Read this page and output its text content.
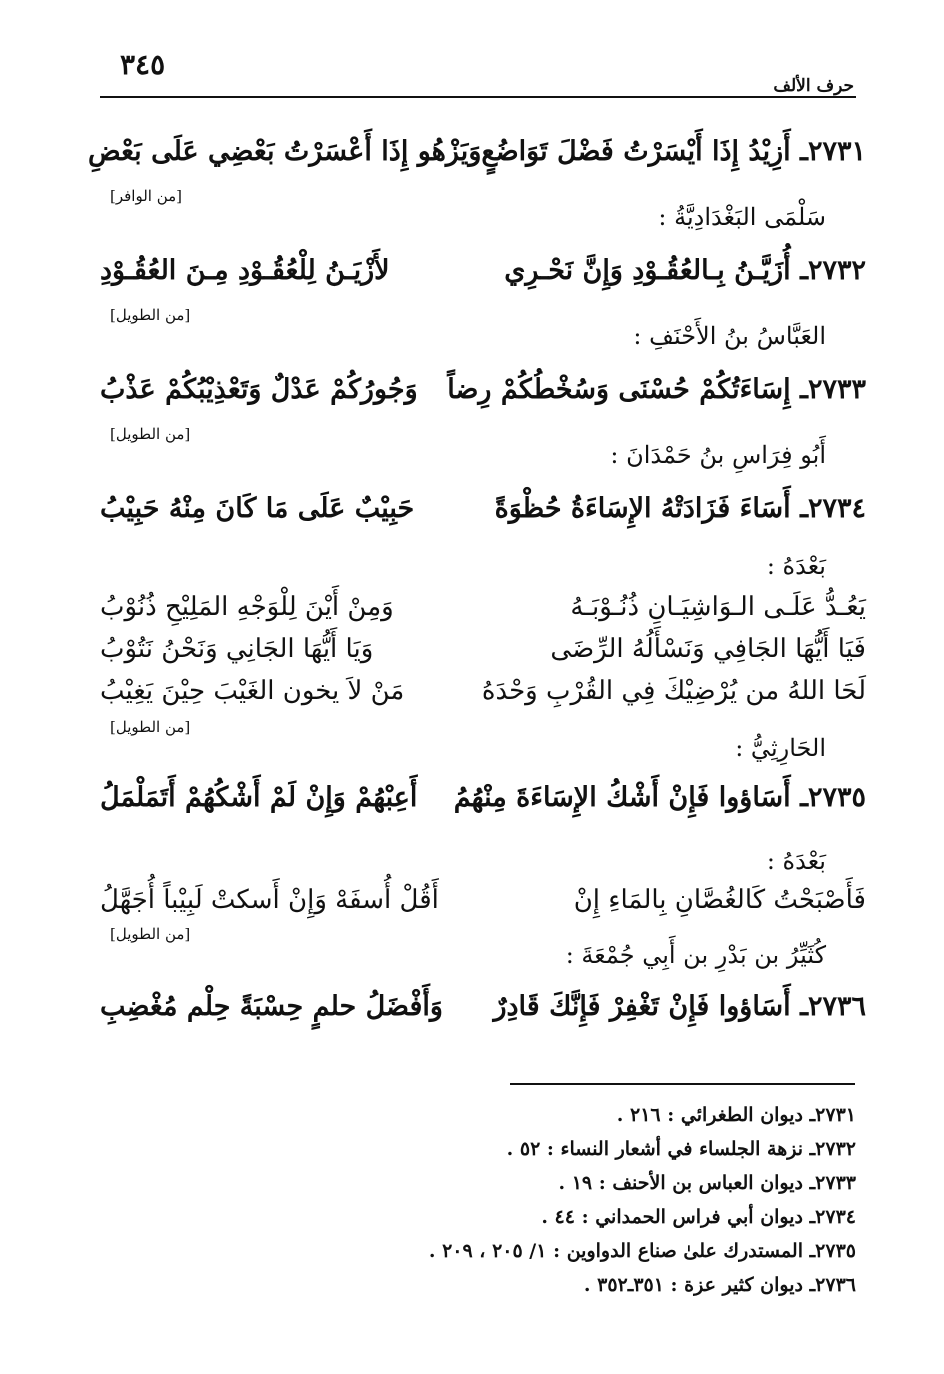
٣٤٥
حرف الألف
٢٧٣١ـ أَزِيْدُ إِذَا أَيْسَرْتُ فَضْلَ تَوَاضُعٍ
وَيَزْهُو إِذَا أَعْسَرْتُ بَعْضِي عَلَى بَعْضِ
سَلْمَى البَغْدَادِيَّةُ :
[من الوافر]
٢٧٣٢ـ أُزَيَّـنُ بِـالعُقُـوْدِ وَإِنَّ نَحْـرِي
لأَزْيَـنُ لِلْعُقُـوْدِ مِـنَ العُقُـوْدِ
العَبَّاسُ بنُ الأَحْنَفِ :
[من الطويل]
٢٧٣٣ـ إِسَاءَتُكُمْ حُسْنَى وَسُخْطُكُمْ رِضاً
وَجُورُكُمْ عَدْلٌ وَتَعْذِيْبُكُمْ عَذْبُ
أَبُو فِرَاسِ بنُ حَمْدَانَ :
[من الطويل]
٢٧٣٤ـ أَسَاءَ فَزَادَتْهُ الإِسَاءَةُ حُظْوَةً
حَبِيْبٌ عَلَى مَا كَانَ مِنْهُ حَبِيْبُ
بَعْدَهُ :
يَعُـدُّ عَلَـى الـوَاشِيَـانِ ذُنُـوْبَـهُ
وَمِنْ أَيْنَ لِلْوَجْهِ المَلِيْحِ ذُنُوْبُ
فَيَا أَيُّهَا الجَافِي وَنَسْأَلُهُ الرِّضَى
وَيَا أَيُّهَا الجَانِي وَنَحْنُ نَتُوْبُ
لَحَا اللهُ من يُرْضِيْكَ فِي القُرْبِ وَحْدَهُ
مَنْ لاَ يخون الغَيْبَ حِيْنَ يَغِيْبُ
الحَارِثِيُّ :
[من الطويل]
٢٧٣٥ـ أَسَاؤوا فَإِنْ أَشْكُ الإِسَاءَةَ مِنْهُمُ
أَعِبْهُمْ وَإِنْ لَمْ أَشْكُهُمْ أَتَمَلْمَلُ
بَعْدَهُ :
فَأَصْبَحْتُ كَالغُصَّانِ بِالمَاءِ إِنْ
أَقُلْ أُسفَهْ وَإِنْ أَسكتْ لَبِيْباً أُجَهَّلُ
كُثَيِّرُ بن بَدْرِ بن أَبِي جُمْعَةَ :
[من الطويل]
٢٧٣٦ـ أَسَاؤوا فَإِنْ تَغْفِرْ فَإِنَّكَ قَادِرٌ
وَأَفْضَلُ حلمٍ حِسْبَةً حِلْم مُغْضِبِ
٢٧٣١ـ ديوان الطغرائي : ٢١٦ .
٢٧٣٢ـ نزهة الجلساء في أشعار النساء : ٥٢ .
٢٧٣٣ـ ديوان العباس بن الأحنف : ١٩ .
٢٧٣٤ـ ديوان أبي فراس الحمداني : ٤٤ .
٢٧٣٥ـ المستدرك علىٰ صناع الدواوين : ١/ ٢٠٥ ، ٢٠٩ .
٢٧٣٦ـ ديوان كثير عزة : ٣٥١ـ٣٥٢ .
